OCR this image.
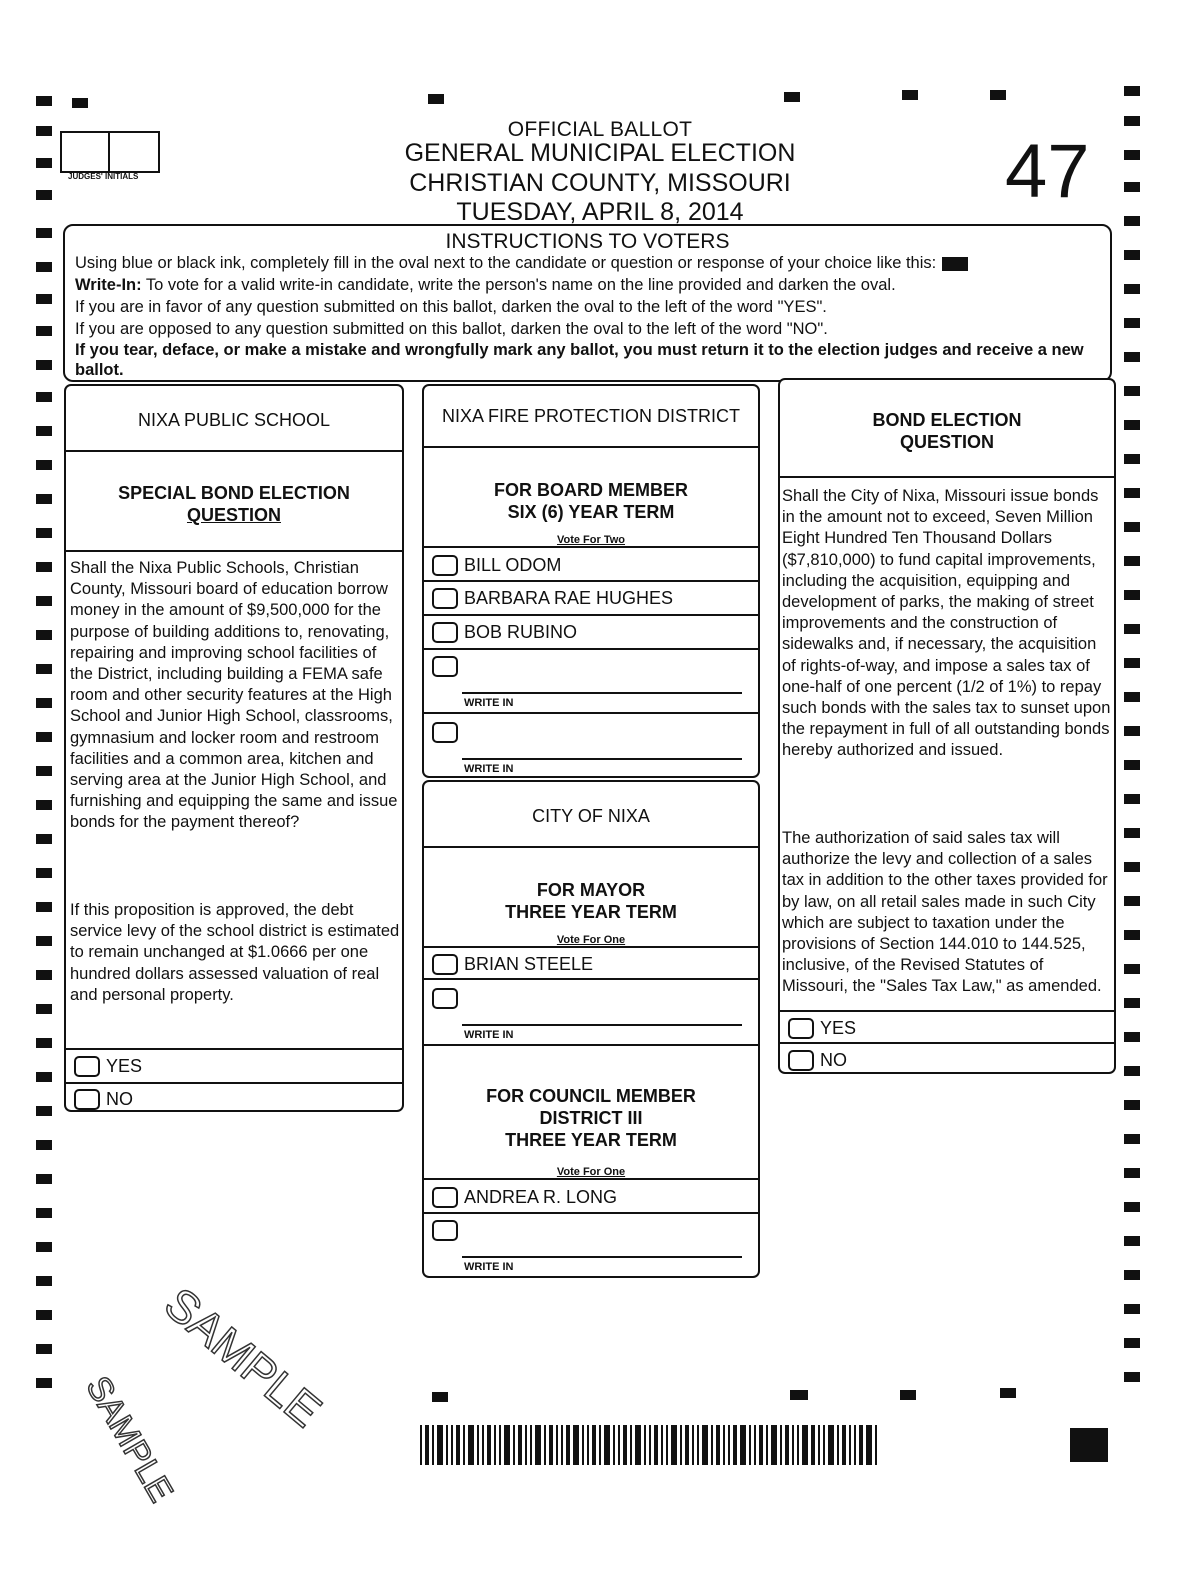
JUDGES' INITIALS
OFFICIAL BALLOT
GENERAL MUNICIPAL ELECTION
CHRISTIAN COUNTY, MISSOURI
TUESDAY, APRIL 8, 2014	47
INSTRUCTIONS TO VOTERS
Using blue or black ink, completely fill in the oval next to the candidate or question or response of your choice like this:
Write-In: To vote for a valid write-in candidate, write the person's name on the line provided and darken the oval.
If you are in favor of any question submitted on this ballot, darken the oval to the left of the word "YES".
If you are opposed to any question submitted on this ballot, darken the oval to the left of the word "NO".
If you tear, deface, or make a mistake and wrongfully mark any ballot, you must return it to the election judges and receive a new ballot.
NIXA PUBLIC SCHOOL
SPECIAL BOND ELECTION
QUESTION
Shall the Nixa Public Schools, Christian County, Missouri board of education borrow money in the amount of $9,500,000 for the purpose of building additions to, renovating, repairing and improving school facilities of the District, including building a FEMA safe room and other security features at the High School and Junior High School, classrooms, gymnasium and locker room and restroom facilities and a common area, kitchen and serving area at the Junior High School, and furnishing and equipping the same and issue bonds for the payment thereof?
If this proposition is approved, the debt service levy of the school district is estimated to remain unchanged at $1.0666 per one hundred dollars assessed valuation of real and personal property.
YES
NO
NIXA FIRE PROTECTION DISTRICT
FOR BOARD MEMBER
SIX (6) YEAR TERM
Vote For Two
BILL ODOM
BARBARA RAE HUGHES
BOB RUBINO
WRITE IN
WRITE IN
CITY OF NIXA
FOR MAYOR
THREE YEAR TERM
Vote For One
BRIAN STEELE
WRITE IN
FOR COUNCIL MEMBER
DISTRICT III
THREE YEAR TERM
Vote For One
ANDREA R. LONG
WRITE IN
BOND ELECTION
QUESTION
Shall the City of Nixa, Missouri issue bonds in the amount not to exceed, Seven Million Eight Hundred Ten Thousand Dollars ($7,810,000) to fund capital improvements, including the acquisition, equipping and development of parks, the making of street improvements and the construction of sidewalks and, if necessary, the acquisition of rights-of-way, and impose a sales tax of one-half of one percent (1/2 of 1%) to repay such bonds with the sales tax to sunset upon the repayment in full of all outstanding bonds hereby authorized and issued.
The authorization of said sales tax will authorize the levy and collection of a sales tax in addition to the other taxes provided for by law, on all retail sales made in such City which are subject to taxation under the provisions of Section 144.010 to 144.525, inclusive, of the Revised Statutes of Missouri, the "Sales Tax Law," as amended.
YES
NO
SAMPLE
SAMPLE
